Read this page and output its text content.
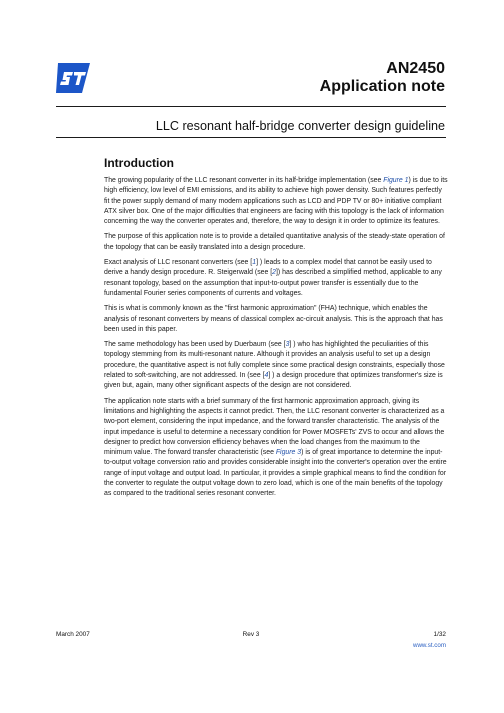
AN2450
Application note
LLC resonant half-bridge converter design guideline
Introduction

The growing popularity of the LLC resonant converter in its half-bridge implementation (see Figure 1) is due to its high efficiency, low level of EMI emissions, and its ability to achieve high power density. Such features perfectly fit the power supply demand of many modern applications such as LCD and PDP TV or 80+ initiative compliant ATX silver box. One of the major difficulties that engineers are facing with this topology is the lack of information concerning the way the converter operates and, therefore, the way to design it in order to optimize its features.

The purpose of this application note is to provide a detailed quantitative analysis of the steady-state operation of the topology that can be easily translated into a design procedure.

Exact analysis of LLC resonant converters (see [1] ) leads to a complex model that cannot be easily used to derive a handy design procedure. R. Steigerwald (see [2]) has described a simplified method, applicable to any resonant topology, based on the assumption that input-to-output power transfer is essentially due to the fundamental Fourier series components of currents and voltages.

This is what is commonly known as the "first harmonic approximation" (FHA) technique, which enables the analysis of resonant converters by means of classical complex ac-circuit analysis. This is the approach that has been used in this paper.

The same methodology has been used by Duerbaum (see [3] ) who has highlighted the peculiarities of this topology stemming from its multi-resonant nature. Although it provides an analysis useful to set up a design procedure, the quantitative aspect is not fully complete since some practical design constraints, especially those related to soft-switching, are not addressed. In (see [4] ) a design procedure that optimizes transformer's size is given but, again, many other significant aspects of the design are not considered.

The application note starts with a brief summary of the first harmonic approximation approach, giving its limitations and highlighting the aspects it cannot predict. Then, the LLC resonant converter is characterized as a two-port element, considering the input impedance, and the forward transfer characteristic. The analysis of the input impedance is useful to determine a necessary condition for Power MOSFETs' ZVS to occur and allows the designer to predict how conversion efficiency behaves when the load changes from the maximum to the minimum value. The forward transfer characteristic (see Figure 3) is of great importance to determine the input-to-output voltage conversion ratio and provides considerable insight into the converter's operation over the entire range of input voltage and output load. In particular, it provides a simple graphical means to find the condition for the converter to regulate the output voltage down to zero load, which is one of the main benefits of the topology as compared to the traditional series resonant converter.

March 2007	Rev 3	1/32
www.st.com
